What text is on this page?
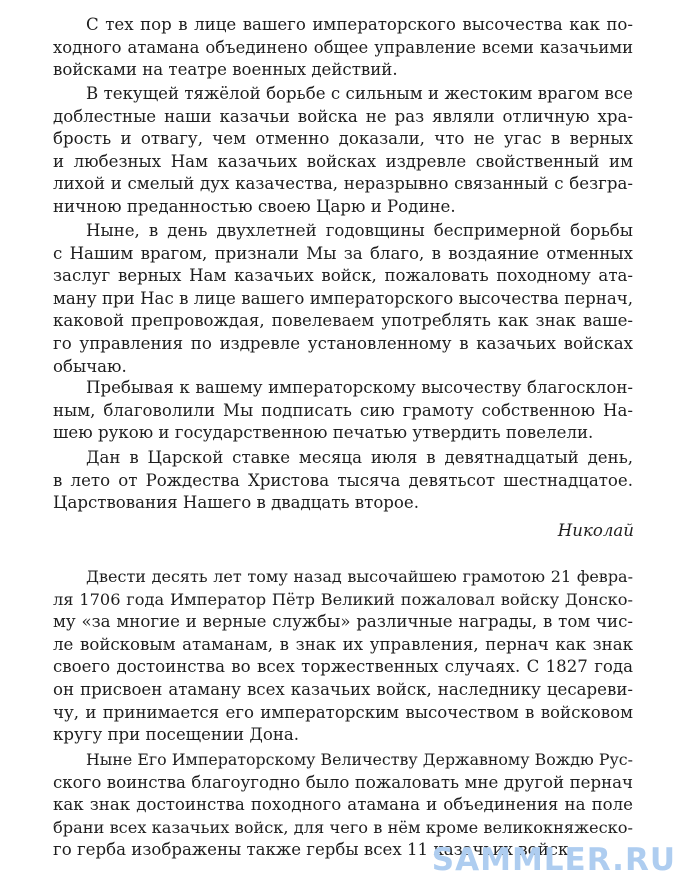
С тех пор в лице вашего императорского высочества как по-
ходного атамана объединено общее управление всеми казачьими
войсками на театре военных действий.
В текущей тяжёлой борьбе с сильным и жестоким врагом все
доблестные наши казачьи войска не раз являли отличную хра-
брость и отвагу, чем отменно доказали, что не угас в верных
и любезных Нам казачьих войсках издревле свойственный им
лихой и смелый дух казачества, неразрывно связанный с безгра-
ничною преданностью своею Царю и Родине.
Ныне, в день двухлетней годовщины беспримерной борьбы
с Нашим врагом, признали Мы за благо, в воздаяние отменных
заслуг верных Нам казачьих войск, пожаловать походному ата-
ману при Нас в лице вашего императорского высочества пернач,
каковой препровождая, повелеваем употреблять как знак ваше-
го управления по издревле установленному в казачьих войсках
обычаю.
Пребывая к вашему императорскому высочеству благосклон-
ным, благоволили Мы подписать сию грамоту собственною На-
шею рукою и государственною печатью утвердить повелели.
Дан в Царской ставке месяца июля в девятнадцатый день,
в лето от Рождества Христова тысяча девятьсот шестнадцатое.
Царствования Нашего в двадцать второе.
Двести десять лет тому назад высочайшею грамотою 21 февра-
ля 1706 года Император Пётр Великий пожаловал войску Донско-
му «за многие и верные службы» различные награды, в том чис-
ле войсковым атаманам, в знак их управления, пернач как знак
своего достоинства во всех торжественных случаях. С 1827 года
он присвоен атаману всех казачьих войск, наследнику цесареви-
чу, и принимается его императорским высочеством в войсковом
кругу при посещении Дона.
Ныне Его Императорскому Величеству Державному Вождю Рус-
ского воинства благоугодно было пожаловать мне другой пернач
как знак достоинства походного атамана и объединения на поле
брани всех казачьих войск, для чего в нём кроме великокняжеско-
го герба изображены также гербы всех 11 казачьих войск.
Николай
SAMMLER.RU
